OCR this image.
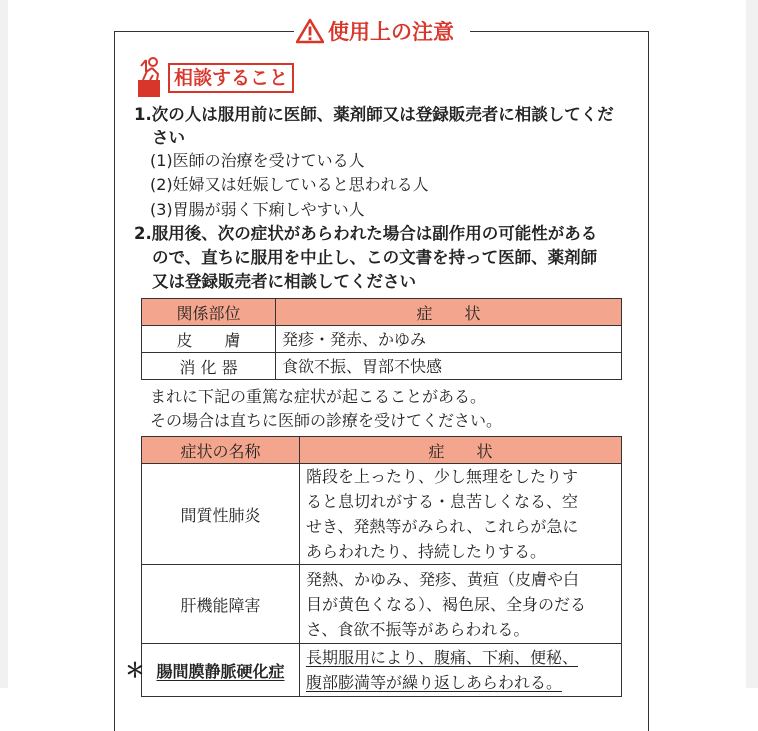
使用上の注意
相談すること
1.次の人は服用前に医師、薬剤師又は登録販売者に相談してくだ
さい
(1)医師の治療を受けている人
(2)妊婦又は妊娠していると思われる人
(3)胃腸が弱く下痢しやすい人
2.服用後、次の症状があらわれた場合は副作用の可能性がある
ので、直ちに服用を中止し、この文書を持って医師、薬剤師
又は登録販売者に相談してください
関係部位	症　　状
皮　　膚	発疹・発赤、かゆみ
消 化 器	食欲不振、胃部不快感
まれに下記の重篤な症状が起こることがある。
その場合は直ちに医師の診療を受けてください。
症状の名称	症　　状
間質性肺炎	階段を上ったり、少し無理をしたりす
ると息切れがする・息苦しくなる、空
せき、発熱等がみられ、これらが急に
あらわれたり、持続したりする。

肝機能障害	発熱、かゆみ、発疹、黄疸（皮膚や白
目が黄色くなる）、褐色尿、全身のだる
さ、食欲不振等があらわれる。

腸間膜静脈硬化症	長期服用により、腹痛、下痢、便秘、
腹部膨満等が繰り返しあらわれる。
＊
